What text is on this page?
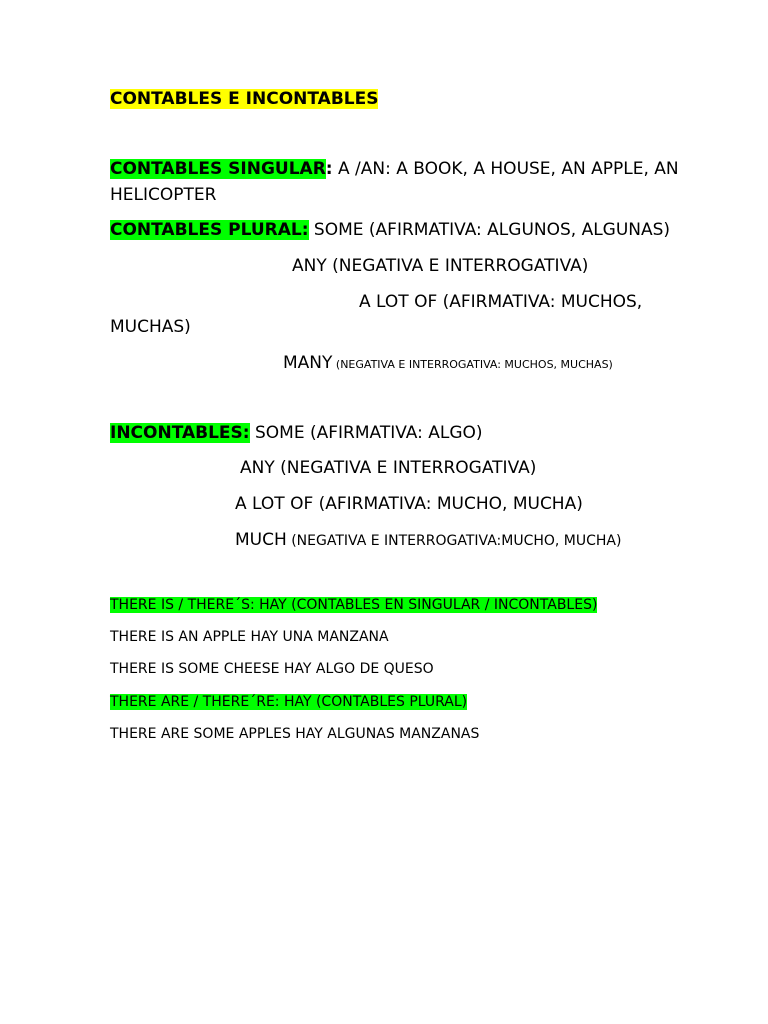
CONTABLES E INCONTABLES
CONTABLES SINGULAR: A /AN: A BOOK, A HOUSE, AN APPLE, AN
HELICOPTER
CONTABLES PLURAL: SOME (AFIRMATIVA: ALGUNOS, ALGUNAS)
ANY (NEGATIVA E INTERROGATIVA)
A LOT OF (AFIRMATIVA: MUCHOS,
MUCHAS)
MANY (NEGATIVA E INTERROGATIVA: MUCHOS, MUCHAS)
INCONTABLES: SOME (AFIRMATIVA: ALGO)
ANY (NEGATIVA E INTERROGATIVA)
A LOT OF (AFIRMATIVA: MUCHO, MUCHA)
MUCH (NEGATIVA E INTERROGATIVA:MUCHO, MUCHA)
THERE IS / THERE´S: HAY (CONTABLES EN SINGULAR / INCONTABLES)
THERE IS AN APPLE HAY UNA MANZANA
THERE IS SOME CHEESE HAY ALGO DE QUESO
THERE ARE / THERE´RE: HAY (CONTABLES PLURAL)
THERE ARE SOME APPLES HAY ALGUNAS MANZANAS
